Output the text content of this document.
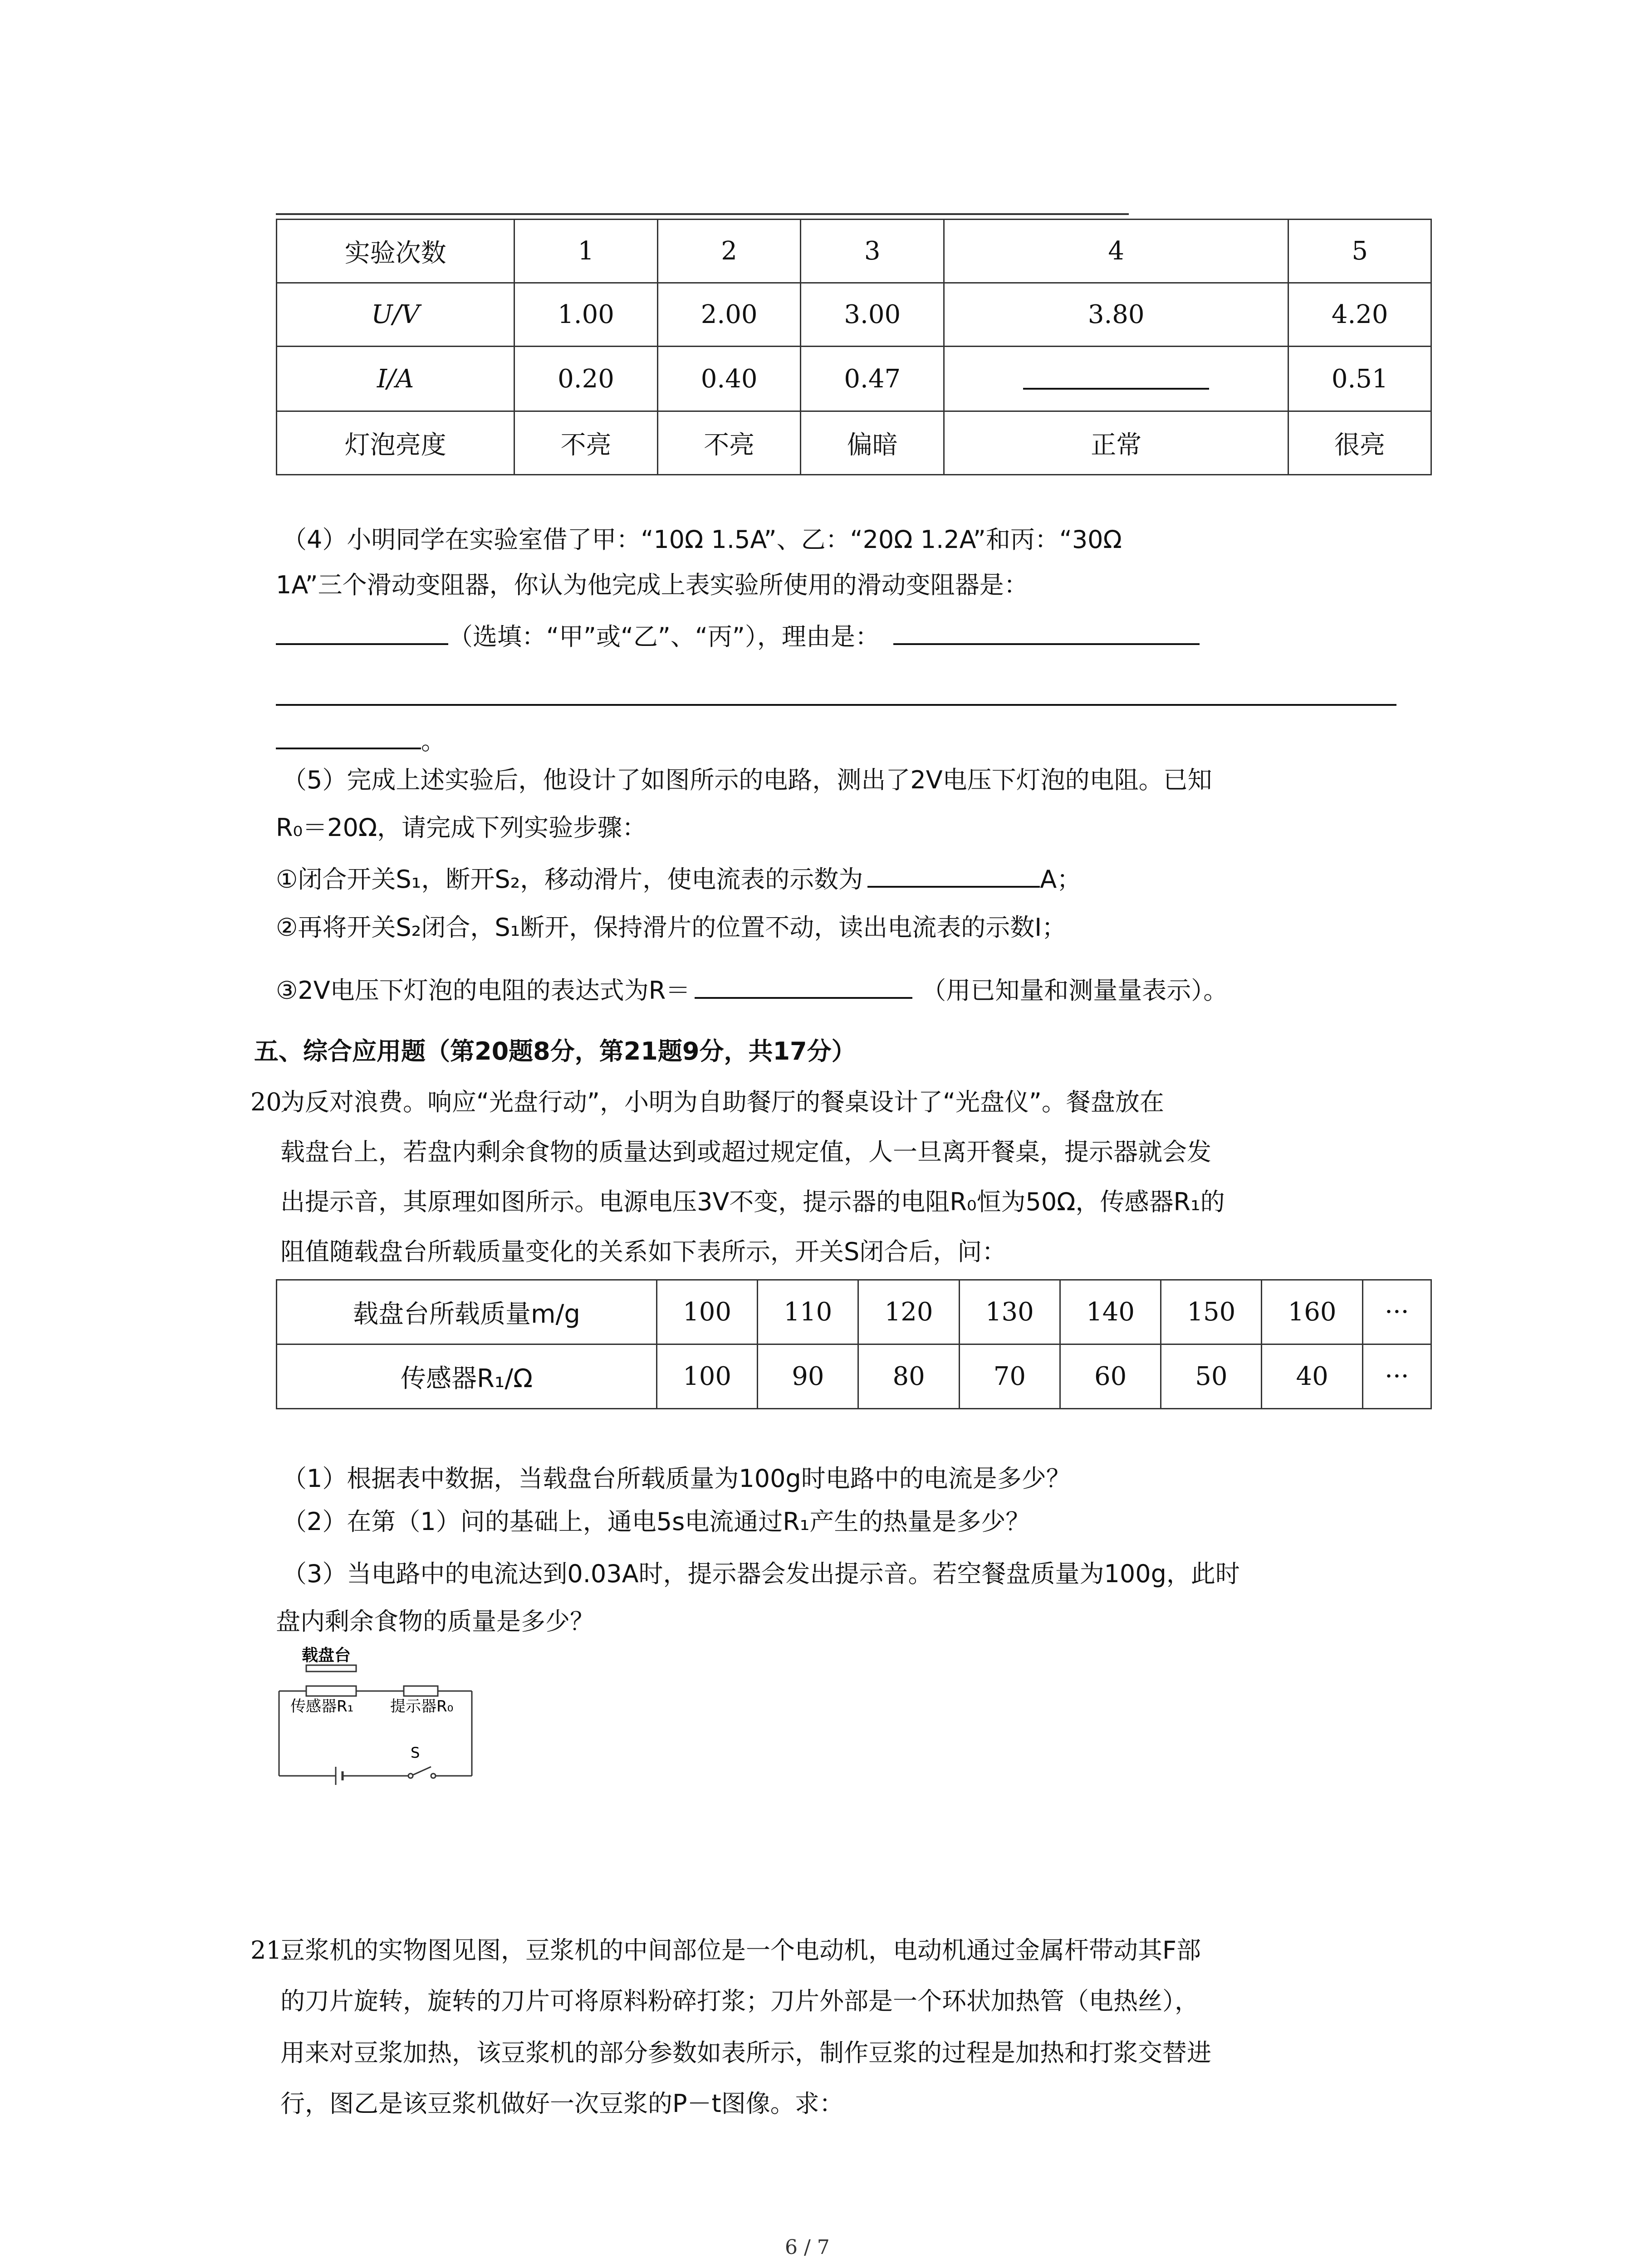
实验次数	1	2	3	4	5
U/V	1.00	2.00	3.00	3.80	4.20
I/A	0.20	0.40	0.47		0.51
灯泡亮度	不亮	不亮	偏暗	正常	很亮
（4）小明同学在实验室借了甲：“10Ω 1.5A”、乙：“20Ω 1.2A”和丙：“30Ω
1A”三个滑动变阻器，你认为他完成上表实验所使用的滑动变阻器是：
（选填：“甲”或“乙”、“丙”），理由是：
。
（5）完成上述实验后，他设计了如图所示的电路，测出了2V电压下灯泡的电阻。已知
R₀＝20Ω，请完成下列实验步骤：
①闭合开关S₁，断开S₂，移动滑片，使电流表的示数为	A；
②再将开关S₂闭合，S₁断开，保持滑片的位置不动，读出电流表的示数I；
③2V电压下灯泡的电阻的表达式为R＝	（用已知量和测量量表示）。
五、综合应用题（第20题8分，第21题9分，共17分）
20.
为反对浪费。响应“光盘行动”，小明为自助餐厅的餐桌设计了“光盘仪”。餐盘放在
载盘台上，若盘内剩余食物的质量达到或超过规定值，人一旦离开餐桌，提示器就会发
出提示音，其原理如图所示。电源电压3V不变，提示器的电阻R₀恒为50Ω，传感器R₁的
阻值随载盘台所载质量变化的关系如下表所示，开关S闭合后，问：
载盘台所载质量m/g	100	110	120	130	140	150	160	···
传感器R₁/Ω	100	90	80	70	60	50	40	···
（1）根据表中数据，当载盘台所载质量为100g时电路中的电流是多少？
（2）在第（1）问的基础上，通电5s电流通过R₁产生的热量是多少？
（3）当电路中的电流达到0.03A时，提示器会发出提示音。若空餐盘质量为100g，此时
盘内剩余食物的质量是多少？
载盘台
传感器R₁ 提示器R₀
S
21.
豆浆机的实物图见图，豆浆机的中间部位是一个电动机，电动机通过金属杆带动其F部
的刀片旋转，旋转的刀片可将原料粉碎打浆；刀片外部是一个环状加热管（电热丝），
用来对豆浆加热，该豆浆机的部分参数如表所示，制作豆浆的过程是加热和打浆交替进
行，图乙是该豆浆机做好一次豆浆的P－t图像。求：
6 / 7
